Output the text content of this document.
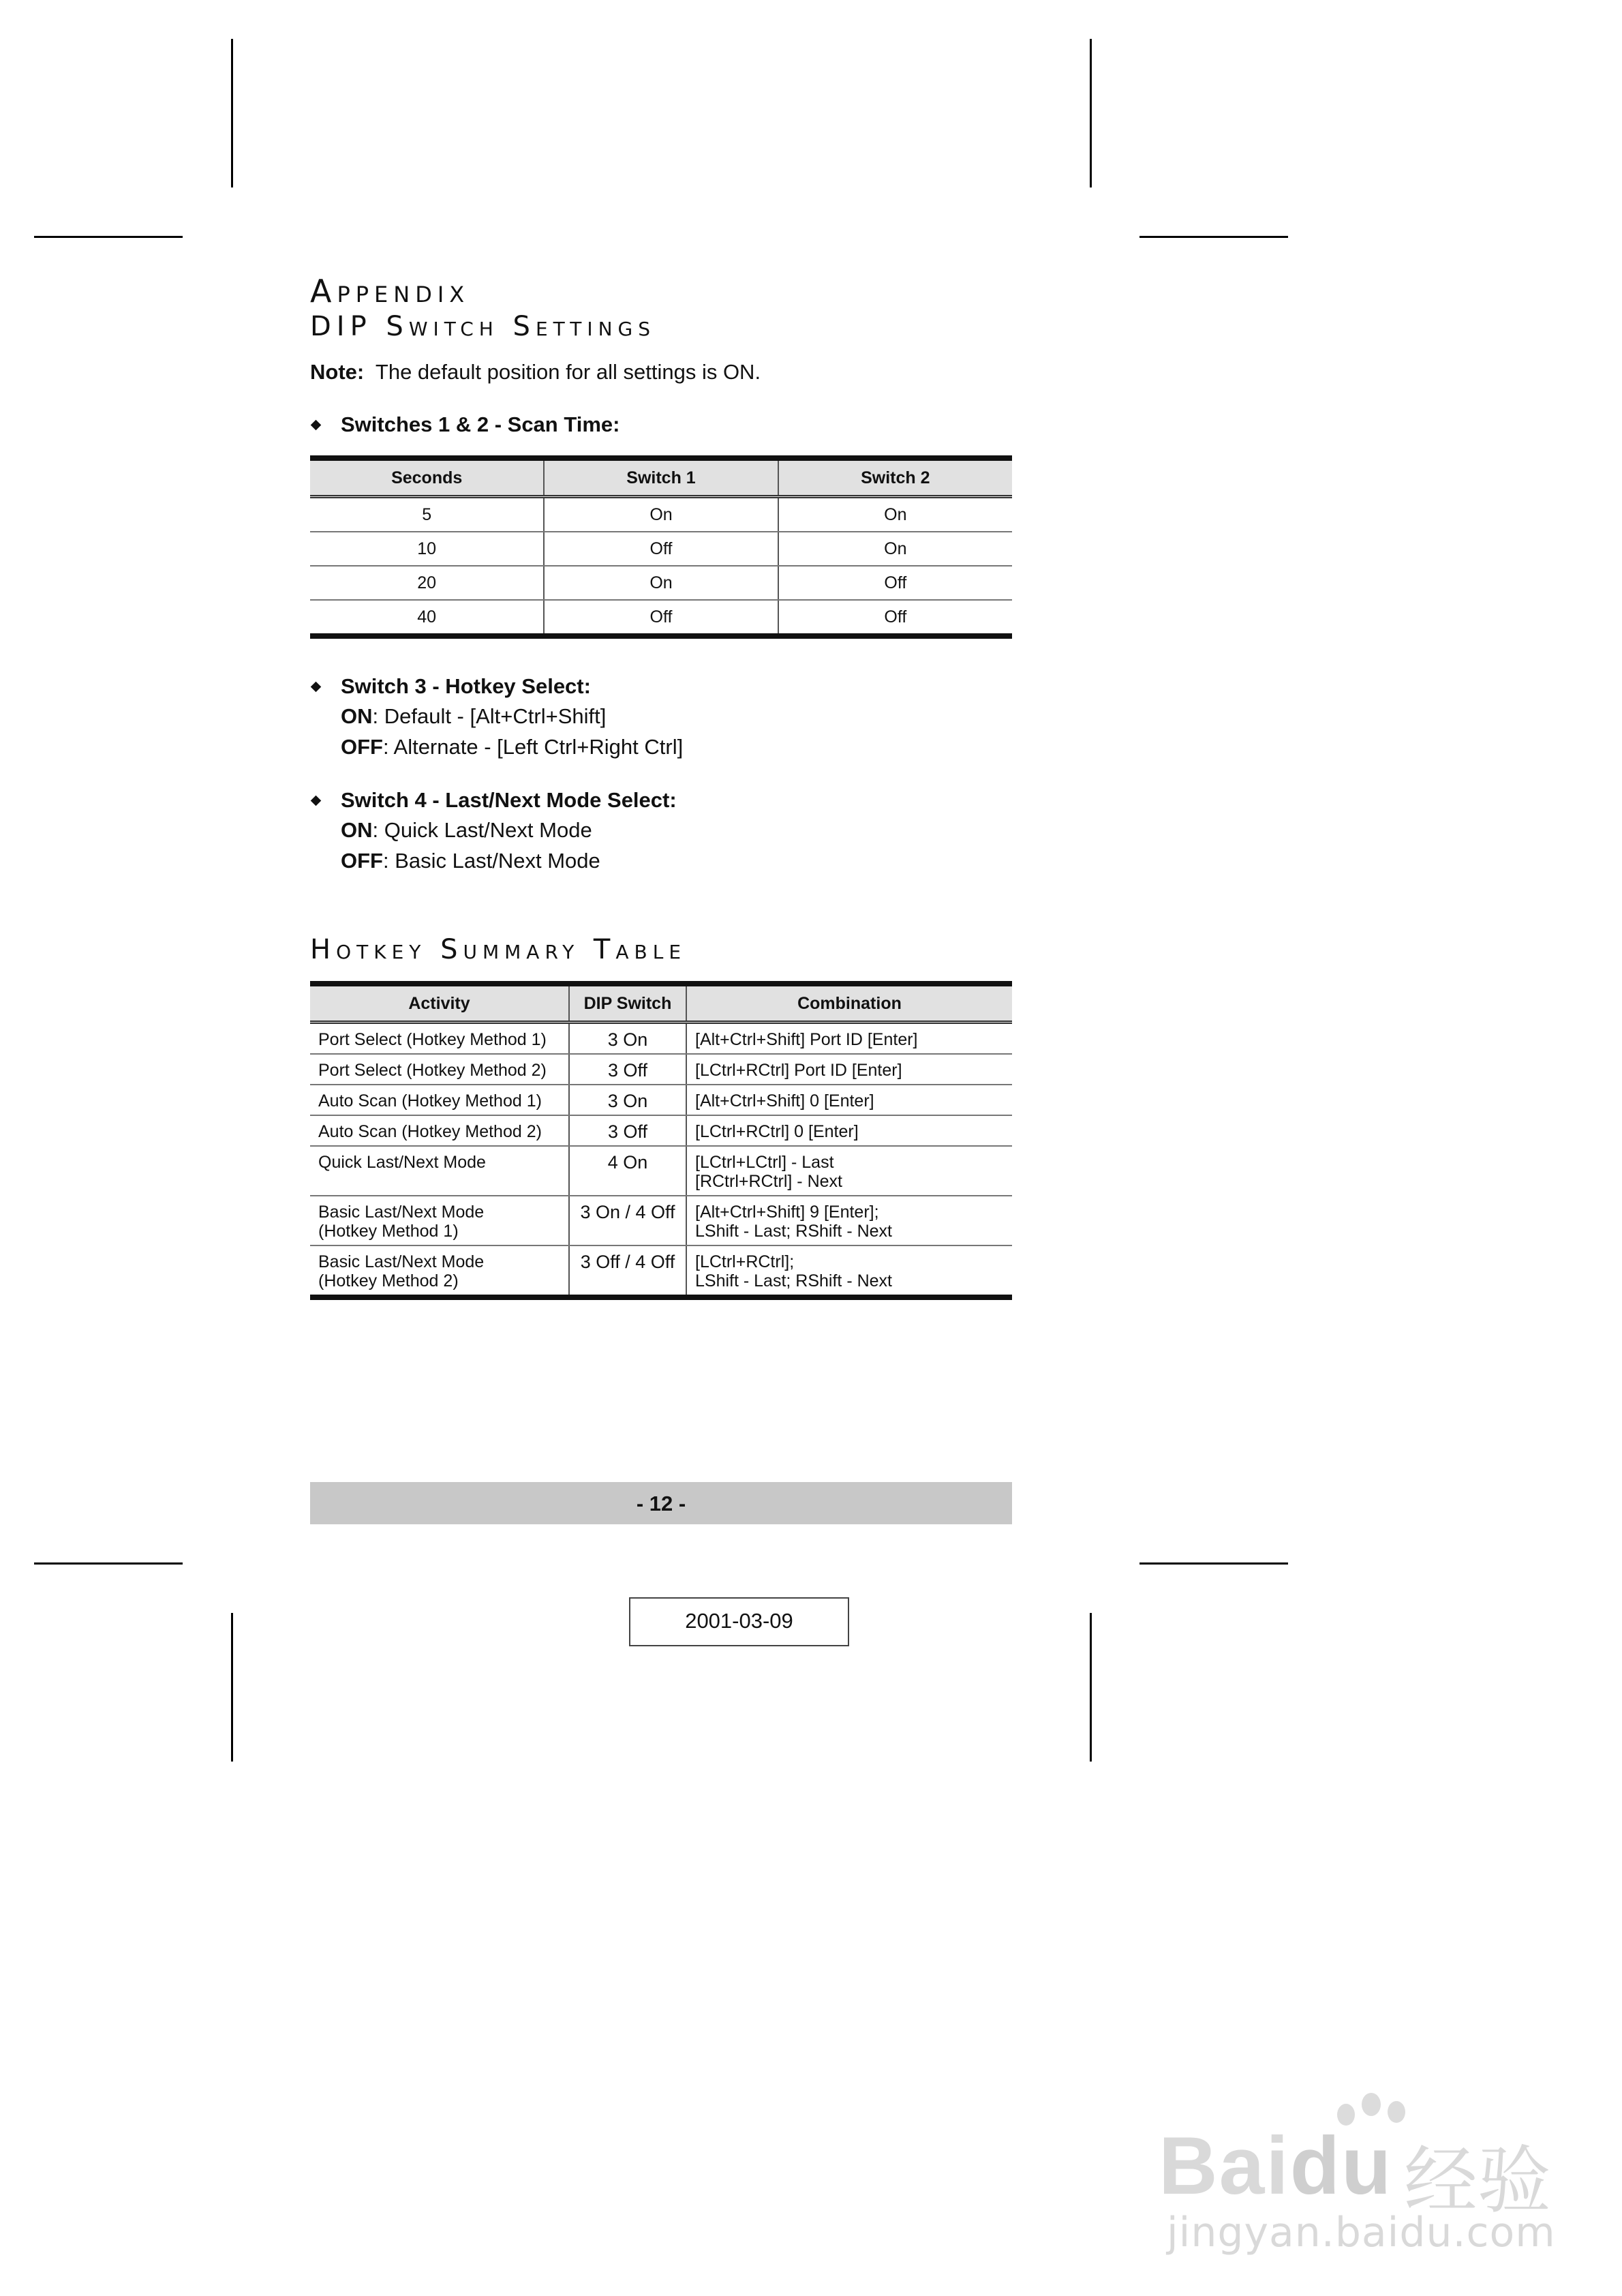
Appendix
DIP Switch Settings
Note: The default position for all settings is ON.
Switches 1 & 2 - Scan Time:
Seconds	Switch 1	Switch 2
5	On	On
10	Off	On
20	On	Off
40	Off	Off
Switch 3 - Hotkey Select:
ON: Default - [Alt+Ctrl+Shift]
OFF: Alternate - [Left Ctrl+Right Ctrl]
Switch 4 - Last/Next Mode Select:
ON: Quick Last/Next Mode
OFF: Basic Last/Next Mode
Hotkey Summary Table
Activity	DIP Switch	Combination

Port Select (Hotkey Method 1)	3 On	[Alt+Ctrl+Shift] Port ID [Enter]

Port Select (Hotkey Method 2)	3 Off	[LCtrl+RCtrl] Port ID [Enter]

Auto Scan (Hotkey Method 1)	3 On	[Alt+Ctrl+Shift] 0 [Enter]

Auto Scan (Hotkey Method 2)	3 Off	[LCtrl+RCtrl] 0 [Enter]

Quick Last/Next Mode	4 On	[LCtrl+LCtrl] - Last
[RCtrl+RCtrl] - Next

Basic Last/Next Mode
(Hotkey Method 1)	3 On / 4 Off	[Alt+Ctrl+Shift] 9 [Enter];
LShift - Last; RShift - Next

Basic Last/Next Mode
(Hotkey Method 2)	3 Off / 4 Off	[LCtrl+RCtrl];
LShift - Last; RShift - Next
- 12 -
2001-03-09
Baidu 经验
jingyan.baidu.com
